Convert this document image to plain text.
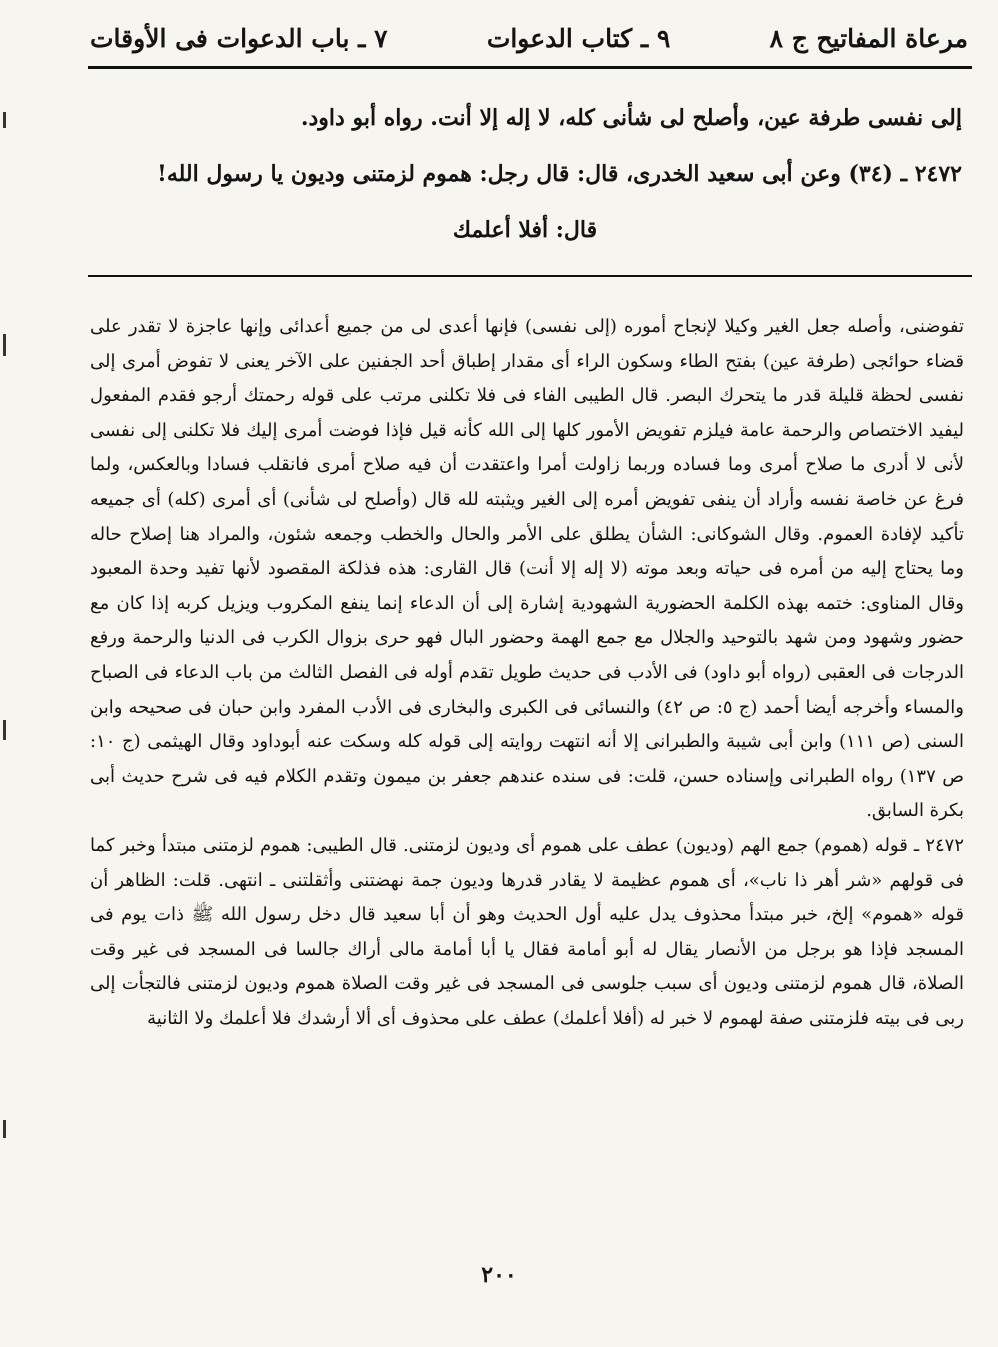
مرعاة المفاتيح ج ٨
٩ ـ كتاب الدعوات
٧ ـ باب الدعوات فى الأوقات

إلى نفسى طرفة عين، وأصلح لى شأنى كله، لا إله إلا أنت. رواه أبو داود.

٢٤٧٢ ـ (٣٤) وعن أبى سعيد الخدرى، قال: قال رجل: هموم لزمتنى وديون يا رسول الله!

قال: أفلا أعلمك

تفوضنى، وأصله جعل الغير وكيلا لإنجاح أموره (إلى نفسى) فإنها أعدى لى من جميع أعدائى وإنها عاجزة لا تقدر على قضاء حوائجى (طرفة عين) بفتح الطاء وسكون الراء أى مقدار إطباق أحد الجفنين على الآخر يعنى لا تفوض أمرى إلى نفسى لحظة قليلة قدر ما يتحرك البصر. قال الطيبى الفاء فى فلا تكلنى مرتب على قوله رحمتك أرجو فقدم المفعول ليفيد الاختصاص والرحمة عامة فيلزم تفويض الأمور كلها إلى الله كأنه قيل فإذا فوضت أمرى إليك فلا تكلنى إلى نفسى لأنى لا أدرى ما صلاح أمرى وما فساده وربما زاولت أمرا واعتقدت أن فيه صلاح أمرى فانقلب فسادا وبالعكس، ولما فرغ عن خاصة نفسه وأراد أن ينفى تفويض أمره إلى الغير ويثبته لله قال (وأصلح لى شأنى) أى أمرى (كله) أى جميعه تأكيد لإفادة العموم. وقال الشوكانى: الشأن يطلق على الأمر والحال والخطب وجمعه شئون، والمراد هنا إصلاح حاله وما يحتاج إليه من أمره فى حياته وبعد موته (لا إله إلا أنت) قال القارى: هذه فذلكة المقصود لأنها تفيد وحدة المعبود وقال المناوى: ختمه بهذه الكلمة الحضورية الشهودية إشارة إلى أن الدعاء إنما ينفع المكروب ويزيل كربه إذا كان مع حضور وشهود ومن شهد بالتوحيد والجلال مع جمع الهمة وحضور البال فهو حرى بزوال الكرب فى الدنيا والرحمة ورفع الدرجات فى العقبى (رواه أبو داود) فى الأدب فى حديث طويل تقدم أوله فى الفصل الثالث من باب الدعاء فى الصباح والمساء وأخرجه أيضا أحمد (ج ٥: ص ٤٢) والنسائى فى الكبرى والبخارى فى الأدب المفرد وابن حبان فى صحيحه وابن السنى (ص ١١١) وابن أبى شيبة والطبرانى إلا أنه انتهت روايته إلى قوله كله وسكت عنه أبوداود وقال الهيثمى (ج ١٠: ص ١٣٧) رواه الطبرانى وإسناده حسن، قلت: فى سنده عندهم جعفر بن ميمون وتقدم الكلام فيه فى شرح حديث أبى بكرة السابق.

٢٤٧٢ ـ قوله (هموم) جمع الهم (وديون) عطف على هموم أى وديون لزمتنى. قال الطيبى: هموم لزمتنى مبتدأ وخبر كما فى قولهم «شر أهر ذا ناب»، أى هموم عظيمة لا يقادر قدرها وديون جمة نهضتنى وأثقلتنى ـ انتهى. قلت: الظاهر أن قوله «هموم» إلخ، خبر مبتدأ محذوف يدل عليه أول الحديث وهو أن أبا سعيد قال دخل رسول الله ﷺ ذات يوم فى المسجد فإذا هو برجل من الأنصار يقال له أبو أمامة فقال يا أبا أمامة مالى أراك جالسا فى المسجد فى غير وقت الصلاة، قال هموم لزمتنى وديون أى سبب جلوسى فى المسجد فى غير وقت الصلاة هموم وديون لزمتنى فالتجأت إلى ربى فى بيته فلزمتنى صفة لهموم لا خبر له (أفلا أعلمك) عطف على محذوف أى ألا أرشدك فلا أعلمك ولا الثانية

٢٠٠
